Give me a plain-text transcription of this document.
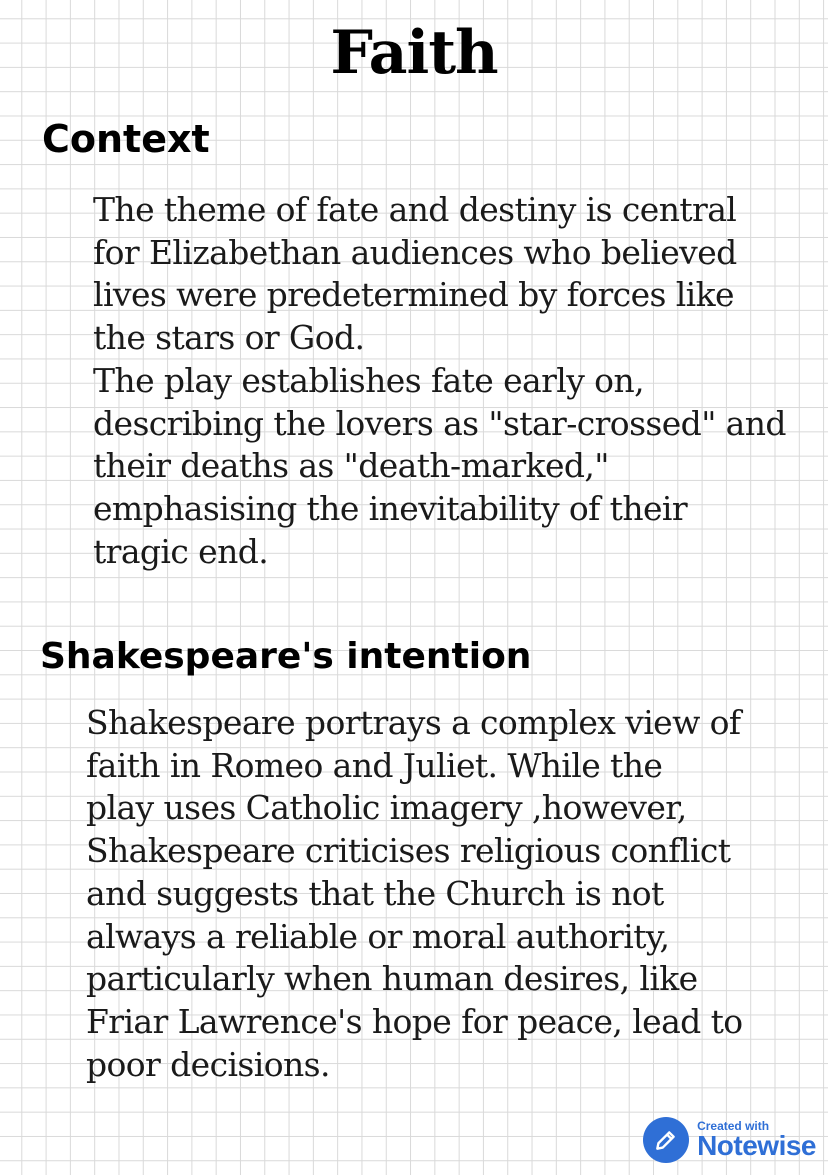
Faith
Context
The theme of fate and destiny is central
for Elizabethan audiences who believed
lives were predetermined by forces like
the stars or God.
The play establishes fate early on,
describing the lovers as "star-crossed" and
their deaths as "death-marked,"
emphasising the inevitability of their
tragic end.
Shakespeare's intention
Shakespeare portrays a complex view of
faith in Romeo and Juliet. While the
play uses Catholic imagery ,however,
Shakespeare criticises religious conflict
and suggests that the Church is not
always a reliable or moral authority,
particularly when human desires, like
Friar Lawrence's hope for peace, lead to
poor decisions.
Created with
Notewise
